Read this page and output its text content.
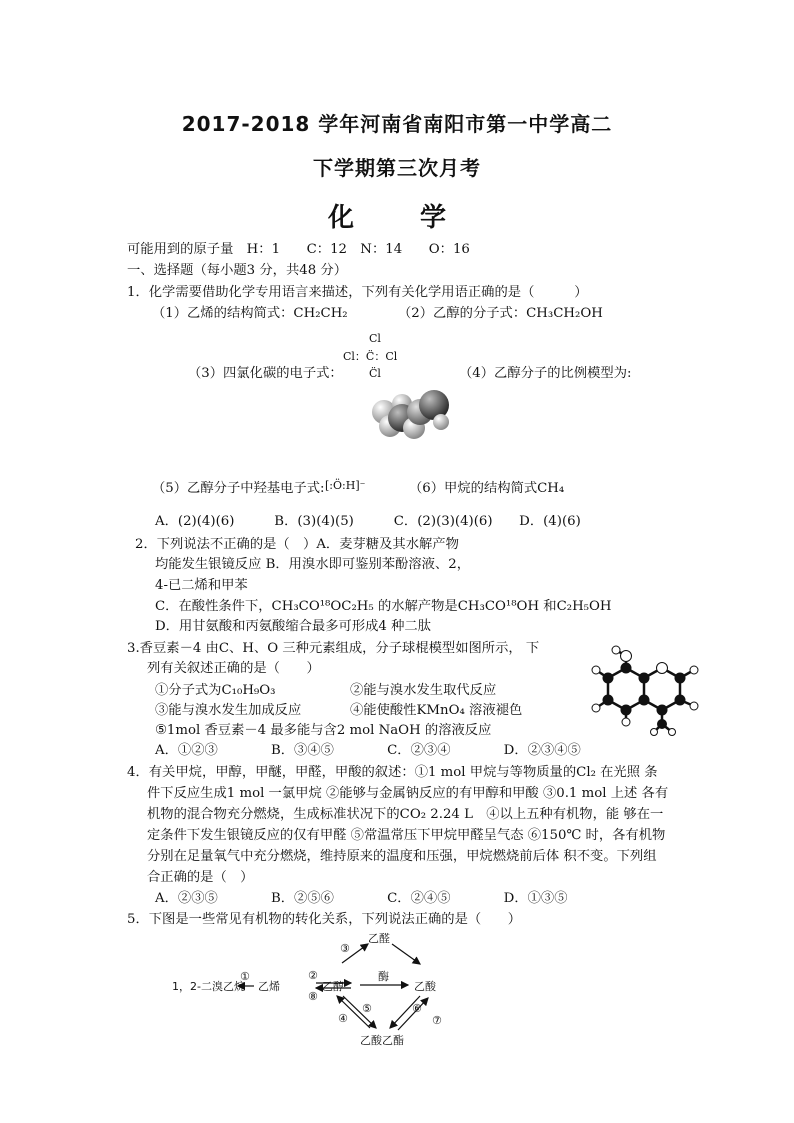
2017-2018 学年河南省南阳市第一中学高二
下学期第三次月考
化　学
可能用到的原子量　H：1　　C：12　N：14　　O：16
一、选择题（每小题3 分，共48 分）
1．化学需要借助化学专用语言来描述，下列有关化学用语正确的是（　　　）
（1）乙烯的结构简式：CH₂CH₂	（2）乙醇的分子式：CH₃CH₂OH
Cl
Cl：C̈：Cl
C̈l
（3）四氯化碳的电子式：	（4）乙醇分子的比例模型为:
（5）乙醇分子中羟基电子式: [:Ö:H]⁻	（6）甲烷的结构简式CH₄
A．(2)(4)(6)　　　B．(3)(4)(5)　　　C．(2)(3)(4)(6)　　D．(4)(6)
2．下列说法不正确的是（　）A．麦芽糖及其水解产物
均能发生银镜反应 B．用溴水即可鉴别苯酚溶液、2，
4-已二烯和甲苯
C．在酸性条件下，CH₃CO¹⁸OC₂H₅ 的水解产物是CH₃CO¹⁸OH 和C₂H₅OH
D．用甘氨酸和丙氨酸缩合最多可形成4 种二肽
3.香豆素－4 由C、H、O 三种元素组成，分子球棍模型如图所示， 下
列有关叙述正确的是（　　）
①分子式为C₁₀H₉O₃	②能与溴水发生取代反应
③能与溴水发生加成反应	④能使酸性KMnO₄ 溶液褪色
⑤1mol 香豆素－4 最多能与含2 mol NaOH 的溶液反应
A．①②③　　　　B．③④⑤　　　　C．②③④　　　　D．②③④⑤
4．有关甲烷，甲醇，甲醚，甲醛，甲酸的叙述：①1 mol 甲烷与等物质量的Cl₂ 在光照 条
件下反应生成1 mol 一氯甲烷 ②能够与金属钠反应的有甲醇和甲酸 ③0.1 mol 上述 各有
机物的混合物充分燃烧，生成标准状况下的CO₂ 2.24 L　④以上五种有机物，能 够在一
定条件下发生银镜反应的仅有甲醛 ⑤常温常压下甲烷甲醛呈气态 ⑥150℃ 时，各有机物
分别在足量氧气中充分燃烧，维持原来的温度和压强，甲烷燃烧前后体 积不变。下列组
合正确的是（　）
A．②③⑤　　　　B．②⑤⑥　　　　C．②④⑤　　　　D．①③⑤
5．下图是一些常见有机物的转化关系，下列说法正确的是（　　）
1，2-二溴乙烷
①
乙烯
②
⑧
乙醇
乙醛
③
酶
乙酸
④
⑤	⑥
⑦
乙酸乙酯
